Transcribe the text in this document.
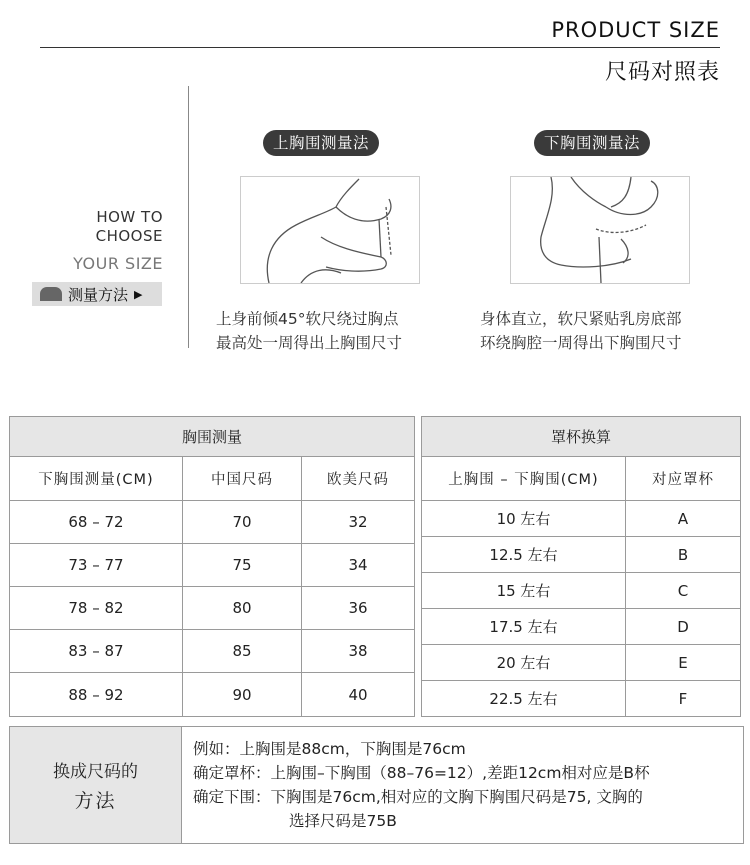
PRODUCT SIZE
尺码对照表
HOW TO
CHOOSE
YOUR SIZE
测量方法 ▶
上胸围测量法
上身前倾45°软尺绕过胸点
最高处一周得出上胸围尺寸
下胸围测量法
身体直立，软尺紧贴乳房底部
环绕胸腔一周得出下胸围尺寸
胸围测量		
下胸围测量(CM)	中国尺码	欧美尺码
68 – 72	70	32
73 – 77	75	34
78 – 82	80	36
83 – 87	85	38
88 – 92	90	40
罩杯换算	
上胸围 – 下胸围(CM)	对应罩杯
10 左右	A
12.5 左右	B
15 左右	C
17.5 左右	D
20 左右	E
22.5 左右	F
换成尺码的
方法
例如：上胸围是88cm，下胸围是76cm
确定罩杯：上胸围–下胸围（88–76=12）,差距12cm相对应是B杯
确定下围：下胸围是76cm,相对应的文胸下胸围尺码是75, 文胸的
选择尺码是75B
